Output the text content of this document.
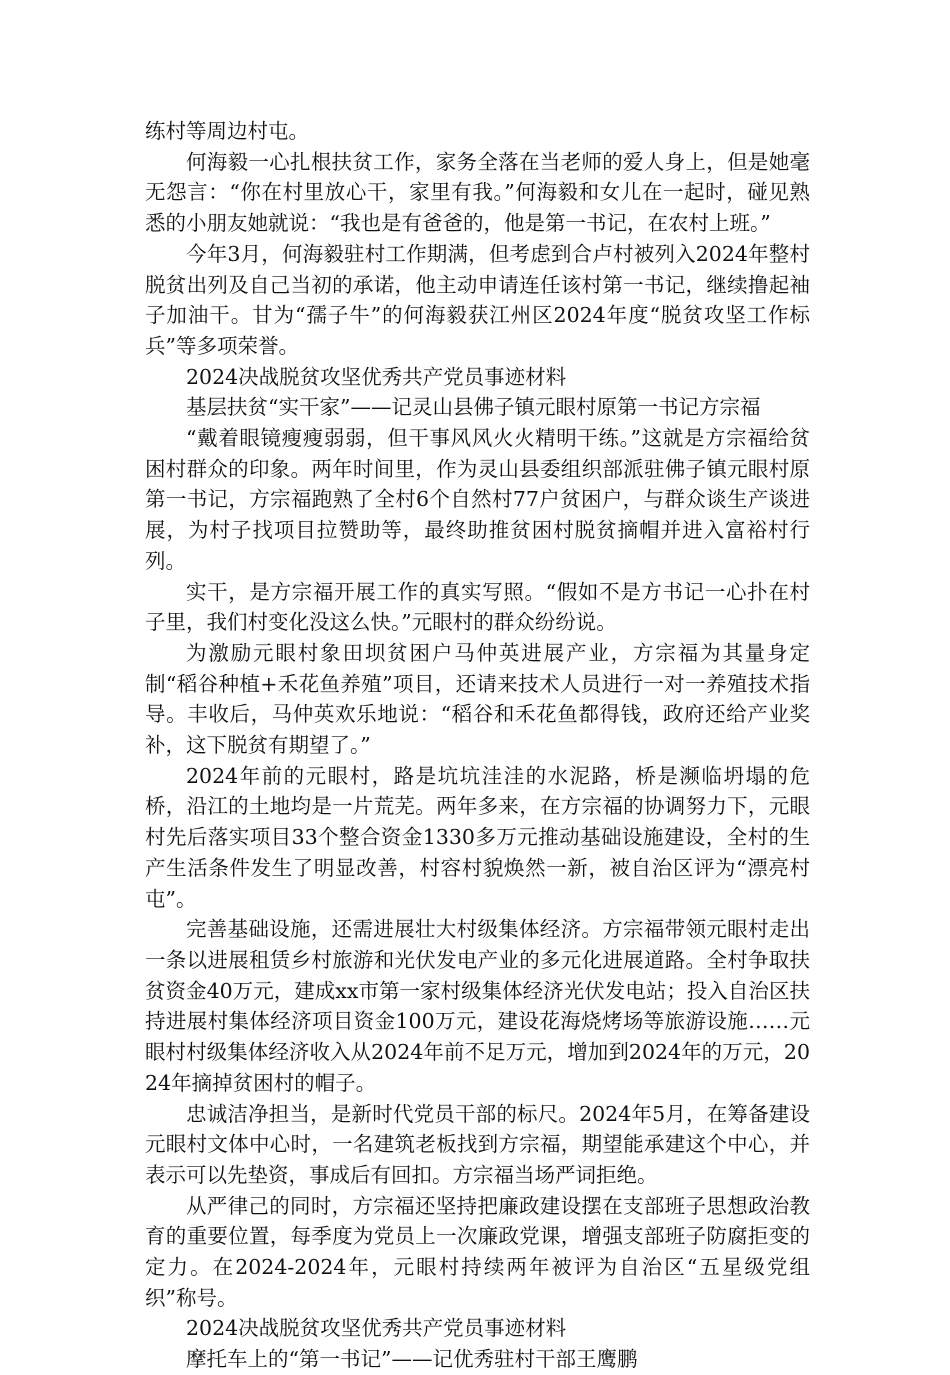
练村等周边村屯。

何海毅一心扎根扶贫工作，家务全落在当老师的爱人身上，但是她毫无怨言：“你在村里放心干，家里有我。”何海毅和女儿在一起时，碰见熟悉的小朋友她就说：“我也是有爸爸的，他是第一书记，在农村上班。”

今年3月，何海毅驻村工作期满，但考虑到合卢村被列入2024年整村脱贫出列及自己当初的承诺，他主动申请连任该村第一书记，继续撸起袖子加油干。甘为“孺子牛”的何海毅获江州区2024年度“脱贫攻坚工作标兵”等多项荣誉。

2024决战脱贫攻坚优秀共产党员事迹材料

基层扶贫“实干家”——记灵山县佛子镇元眼村原第一书记方宗福

“戴着眼镜瘦瘦弱弱，但干事风风火火精明干练。”这就是方宗福给贫困村群众的印象。两年时间里，作为灵山县委组织部派驻佛子镇元眼村原第一书记，方宗福跑熟了全村6个自然村77户贫困户，与群众谈生产谈进展，为村子找项目拉赞助等，最终助推贫困村脱贫摘帽并进入富裕村行列。

实干，是方宗福开展工作的真实写照。“假如不是方书记一心扑在村子里，我们村变化没这么快。”元眼村的群众纷纷说。

为激励元眼村象田坝贫困户马仲英进展产业，方宗福为其量身定制“稻谷种植+禾花鱼养殖”项目，还请来技术人员进行一对一养殖技术指导。丰收后，马仲英欢乐地说：“稻谷和禾花鱼都得钱，政府还给产业奖补，这下脱贫有期望了。”

2024年前的元眼村，路是坑坑洼洼的水泥路，桥是濒临坍塌的危桥，沿江的土地均是一片荒芜。两年多来，在方宗福的协调努力下，元眼村先后落实项目33个整合资金1330多万元推动基础设施建设，全村的生产生活条件发生了明显改善，村容村貌焕然一新，被自治区评为“漂亮村屯”。

完善基础设施，还需进展壮大村级集体经济。方宗福带领元眼村走出一条以进展租赁乡村旅游和光伏发电产业的多元化进展道路。全村争取扶贫资金40万元，建成xx市第一家村级集体经济光伏发电站；投入自治区扶持进展村集体经济项目资金100万元，建设花海烧烤场等旅游设施……元眼村村级集体经济收入从2024年前不足万元，增加到2024年的万元，2024年摘掉贫困村的帽子。

忠诚洁净担当，是新时代党员干部的标尺。2024年5月，在筹备建设元眼村文体中心时，一名建筑老板找到方宗福，期望能承建这个中心，并表示可以先垫资，事成后有回扣。方宗福当场严词拒绝。

从严律己的同时，方宗福还坚持把廉政建设摆在支部班子思想政治教育的重要位置，每季度为党员上一次廉政党课，增强支部班子防腐拒变的定力。在2024-2024年，元眼村持续两年被评为自治区“五星级党组织”称号。

2024决战脱贫攻坚优秀共产党员事迹材料

摩托车上的“第一书记”——记优秀驻村干部王鹰鹏
